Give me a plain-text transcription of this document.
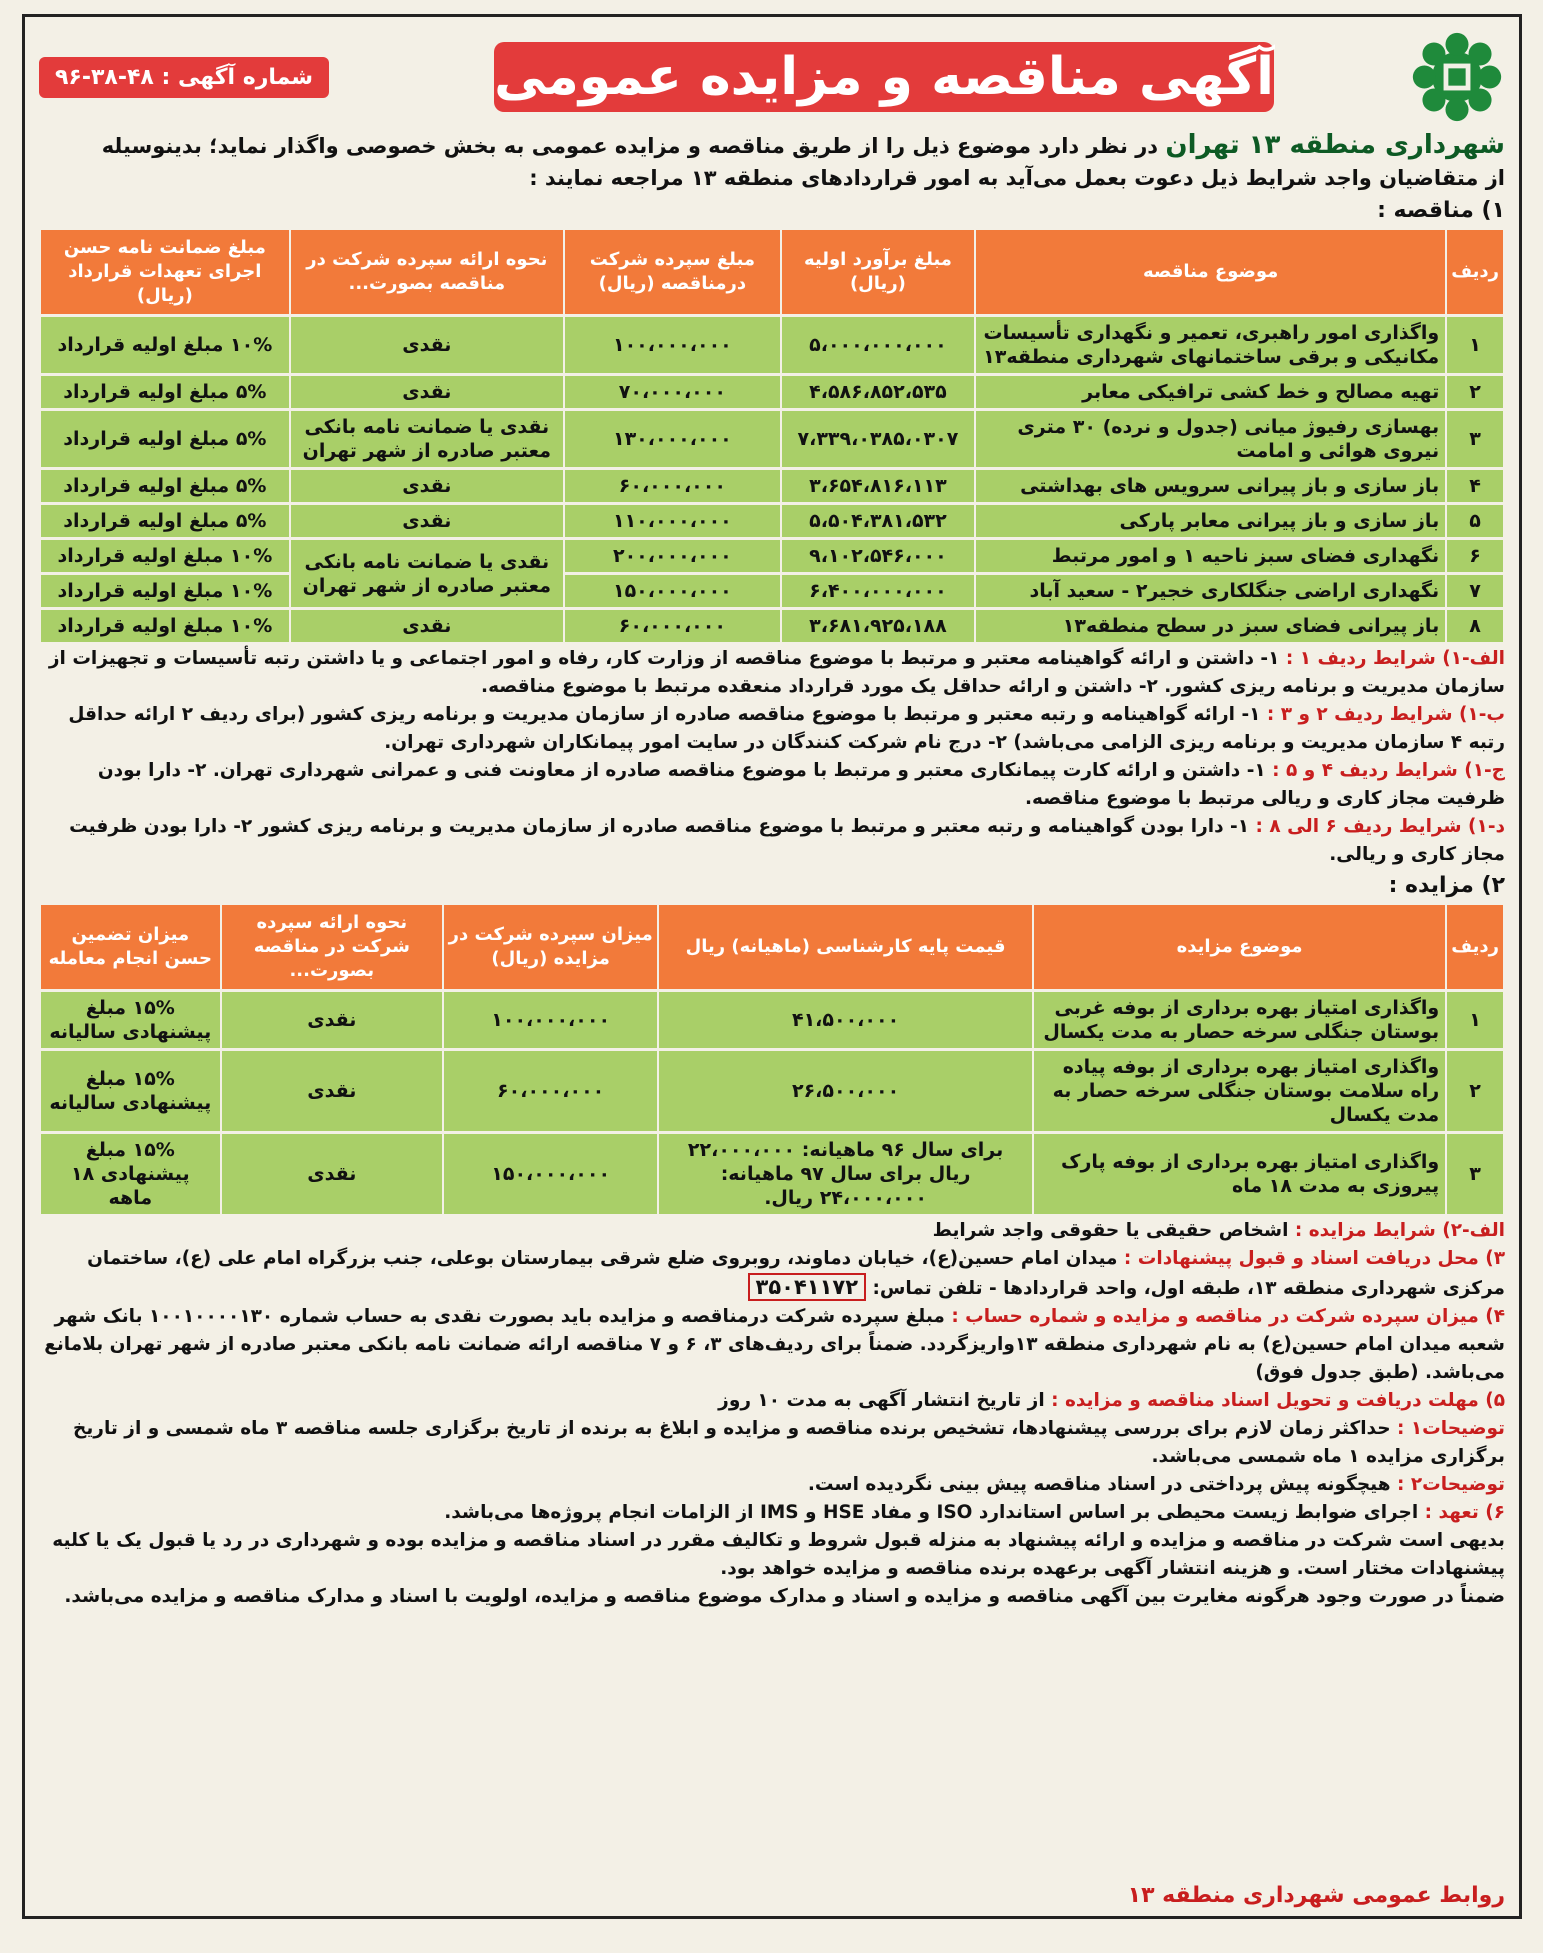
آگهی مناقصه و مزایده عمومی
شماره آگهی : ۴۸-۳۸-۹۶
شهرداری منطقه ۱۳ تهران در نظر دارد موضوع ذیل را از طریق مناقصه و مزایده عمومی به بخش خصوصی واگذار نماید؛ بدینوسیله
از متقاضیان واجد شرایط ذیل دعوت بعمل می‌آید به امور قراردادهای منطقه ۱۳ مراجعه نمایند :
۱) مناقصه :
ردیف	موضوع مناقصه	مبلغ برآورد اولیه (ریال)	مبلغ سپرده شرکت درمناقصه (ریال)	نحوه ارائه سپرده شرکت در مناقصه بصورت...	مبلغ ضمانت نامه حسن اجرای تعهدات قرارداد (ریال)
۱	واگذاری امور راهبری، تعمیر و نگهداری تأسیسات مکانیکی و برقی ساختمانهای شهرداری منطقه۱۳	۵،۰۰۰،۰۰۰،۰۰۰	۱۰۰،۰۰۰،۰۰۰	نقدی	۱۰% مبلغ اولیه قرارداد
۲	تهیه مصالح و خط کشی ترافیکی معابر	۴،۵۸۶،۸۵۲،۵۳۵	۷۰،۰۰۰،۰۰۰	نقدی	۵% مبلغ اولیه قرارداد
۳	بهسازی رفیوژ میانی (جدول و نرده) ۳۰ متری نیروی هوائی و امامت	۷،۳۳۹،۰۳۸۵،۰۳۰۷	۱۳۰،۰۰۰،۰۰۰	نقدی یا ضمانت نامه بانکی معتبر صادره از شهر تهران	۵% مبلغ اولیه قرارداد
۴	باز سازی و باز پیرانی سرویس های بهداشتی	۳،۶۵۴،۸۱۶،۱۱۳	۶۰،۰۰۰،۰۰۰	نقدی	۵% مبلغ اولیه قرارداد
۵	باز سازی و باز پیرانی معابر پارکی	۵،۵۰۴،۳۸۱،۵۳۲	۱۱۰،۰۰۰،۰۰۰	نقدی	۵% مبلغ اولیه قرارداد
۶	نگهداری فضای سبز ناحیه ۱ و امور مرتبط	۹،۱۰۲،۵۴۶،۰۰۰	۲۰۰،۰۰۰،۰۰۰	نقدی یا ضمانت نامه بانکی معتبر صادره از شهر تهران	۱۰% مبلغ اولیه قرارداد
۷	نگهداری اراضی جنگلکاری خجیر۲ - سعید آباد	۶،۴۰۰،۰۰۰،۰۰۰	۱۵۰،۰۰۰،۰۰۰		۱۰% مبلغ اولیه قرارداد
۸	باز پیرانی فضای سبز در سطح منطقه۱۳	۳،۶۸۱،۹۲۵،۱۸۸	۶۰،۰۰۰،۰۰۰	نقدی	۱۰% مبلغ اولیه قرارداد
الف-۱) شرایط ردیف ۱ : ۱- داشتن و ارائه گواهینامه معتبر و مرتبط با موضوع مناقصه از وزارت کار، رفاه و امور اجتماعی و یا داشتن رتبه تأسیسات و تجهیزات از سازمان مدیریت و برنامه ریزی کشور. ۲- داشتن و ارائه حداقل یک مورد قرارداد منعقده مرتبط با موضوع مناقصه.
ب-۱) شرایط ردیف ۲ و ۳ : ۱- ارائه گواهینامه و رتبه معتبر و مرتبط با موضوع مناقصه صادره از سازمان مدیریت و برنامه ریزی کشور (برای ردیف ۲ ارائه حداقل رتبه ۴ سازمان مدیریت و برنامه ریزی الزامی می‌باشد) ۲- درج نام شرکت کنندگان در سایت امور پیمانکاران شهرداری تهران.
ج-۱) شرایط ردیف ۴ و ۵ : ۱- داشتن و ارائه کارت پیمانکاری معتبر و مرتبط با موضوع مناقصه صادره از معاونت فنی و عمرانی شهرداری تهران. ۲- دارا بودن ظرفیت مجاز کاری و ریالی مرتبط با موضوع مناقصه.
د-۱) شرایط ردیف ۶ الی ۸ : ۱- دارا بودن گواهینامه و رتبه معتبر و مرتبط با موضوع مناقصه صادره از سازمان مدیریت و برنامه ریزی کشور ۲- دارا بودن ظرفیت مجاز کاری و ریالی.
۲) مزایده :
ردیف	موضوع مزایده	قیمت پایه کارشناسی (ماهیانه) ریال	میزان سپرده شرکت در مزایده (ریال)	نحوه ارائه سپرده شرکت در مناقصه بصورت...	میزان تضمین حسن انجام معامله
۱	واگذاری امتیاز بهره برداری از بوفه غربی بوستان جنگلی سرخه حصار به مدت یکسال	۴۱،۵۰۰،۰۰۰	۱۰۰،۰۰۰،۰۰۰	نقدی	۱۵% مبلغ پیشنهادی سالیانه
۲	واگذاری امتیاز بهره برداری از بوفه پیاده راه سلامت بوستان جنگلی سرخه حصار به مدت یکسال	۲۶،۵۰۰،۰۰۰	۶۰،۰۰۰،۰۰۰	نقدی	۱۵% مبلغ پیشنهادی سالیانه
۳	واگذاری امتیاز بهره برداری از بوفه پارک پیروزی به مدت ۱۸ ماه	برای سال ۹۶ ماهیانه: ۲۲،۰۰۰،۰۰۰ ریال برای سال ۹۷ ماهیانه: ۲۴،۰۰۰،۰۰۰ ریال.	۱۵۰،۰۰۰،۰۰۰	نقدی	۱۵% مبلغ پیشنهادی ۱۸ ماهه
الف-۲) شرایط مزایده : اشخاص حقیقی یا حقوقی واجد شرایط
۳) محل دریافت اسناد و قبول پیشنهادات : میدان امام حسین(ع)، خیابان دماوند، روبروی ضلع شرقی بیمارستان بوعلی، جنب بزرگراه امام علی (ع)، ساختمان مرکزی شهرداری منطقه ۱۳، طبقه اول، واحد قراردادها - تلفن تماس: ۳۵۰۴۱۱۷۲
۴) میزان سپرده شرکت در مناقصه و مزایده و شماره حساب : مبلغ سپرده شرکت درمناقصه و مزایده باید بصورت نقدی به حساب شماره ۱۰۰۱۰۰۰۰۱۳۰ بانک شهر شعبه میدان امام حسین(ع) به نام شهرداری منطقه ۱۳واریزگردد. ضمناً برای ردیف‌های ۳، ۶ و ۷ مناقصه ارائه ضمانت نامه بانکی معتبر صادره از شهر تهران بلامانع می‌باشد. (طبق جدول فوق)
۵) مهلت دریافت و تحویل اسناد مناقصه و مزایده : از تاریخ انتشار آگهی به مدت ۱۰ روز
توضیحات۱ : حداکثر زمان لازم برای بررسی پیشنهادها، تشخیص برنده مناقصه و مزایده و ابلاغ به برنده از تاریخ برگزاری جلسه مناقصه ۳ ماه شمسی و از تاریخ برگزاری مزایده ۱ ماه شمسی می‌باشد.
توضیحات۲ : هیچگونه پیش پرداختی در اسناد مناقصه پیش بینی نگردیده است.
۶) تعهد : اجرای ضوابط زیست محیطی بر اساس استاندارد ISO و مفاد HSE و IMS از الزامات انجام پروژه‌ها می‌باشد.
بدیهی است شرکت در مناقصه و مزایده و ارائه پیشنهاد به منزله قبول شروط و تکالیف مقرر در اسناد مناقصه و مزایده بوده و شهرداری در رد یا قبول یک یا کلیه پیشنهادات مختار است. و هزینه انتشار آگهی برعهده برنده مناقصه و مزایده خواهد بود.
ضمناً در صورت وجود هرگونه مغایرت بین آگهی مناقصه و مزایده و اسناد و مدارک موضوع مناقصه و مزایده، اولویت با اسناد و مدارک مناقصه و مزایده می‌باشد.
روابط عمومی شهرداری منطقه ۱۳
